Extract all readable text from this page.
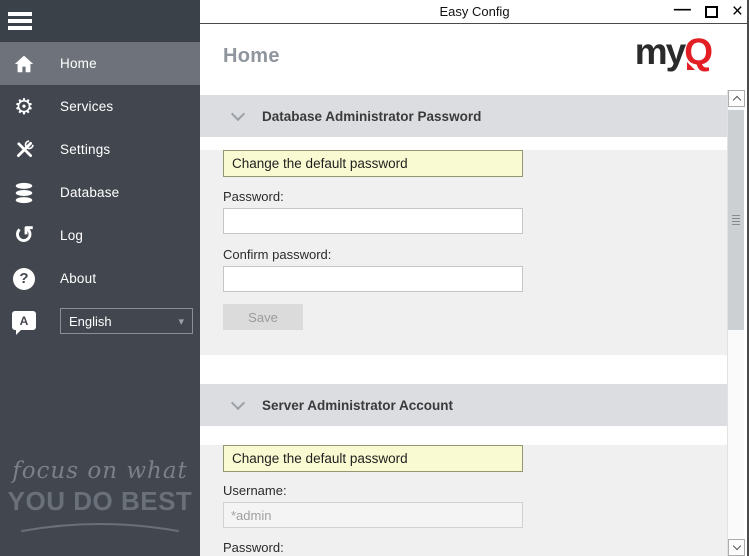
Home
⚙ Services
Settings
Database
↺ Log
?	About
A	English	▾
focus on what
YOU DO BEST
Easy Config	— ×
Home	myQ
Database Administrator Password
Change the default password
Password:
Confirm password:
Save
Server Administrator Account
Change the default password
Username:
*admin
Password:
